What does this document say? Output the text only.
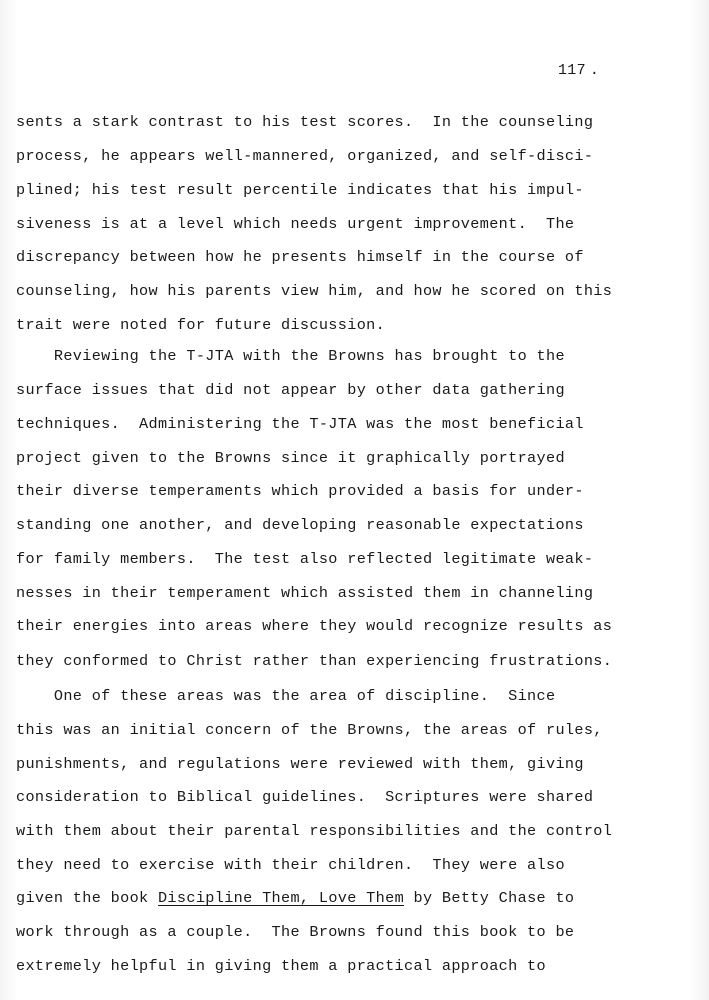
117 .
sents a stark contrast to his test scores.  In the counseling
process, he appears well-mannered, organized, and self-disci-
plined; his test result percentile indicates that his impul-
siveness is at a level which needs urgent improvement.  The
discrepancy between how he presents himself in the course of
counseling, how his parents view him, and how he scored on this
trait were noted for future discussion.
Reviewing the T-JTA with the Browns has brought to the
surface issues that did not appear by other data gathering
techniques.  Administering the T-JTA was the most beneficial
project given to the Browns since it graphically portrayed
their diverse temperaments which provided a basis for under-
standing one another, and developing reasonable expectations
for family members.  The test also reflected legitimate weak-
nesses in their temperament which assisted them in channeling
their energies into areas where they would recognize results as
they conformed to Christ rather than experiencing frustrations.
One of these areas was the area of discipline.  Since
this was an initial concern of the Browns, the areas of rules,
punishments, and regulations were reviewed with them, giving
consideration to Biblical guidelines.  Scriptures were shared
with them about their parental responsibilities and the control
they need to exercise with their children.  They were also
given the book Discipline Them, Love Them by Betty Chase to
work through as a couple.  The Browns found this book to be
extremely helpful in giving them a practical approach to
